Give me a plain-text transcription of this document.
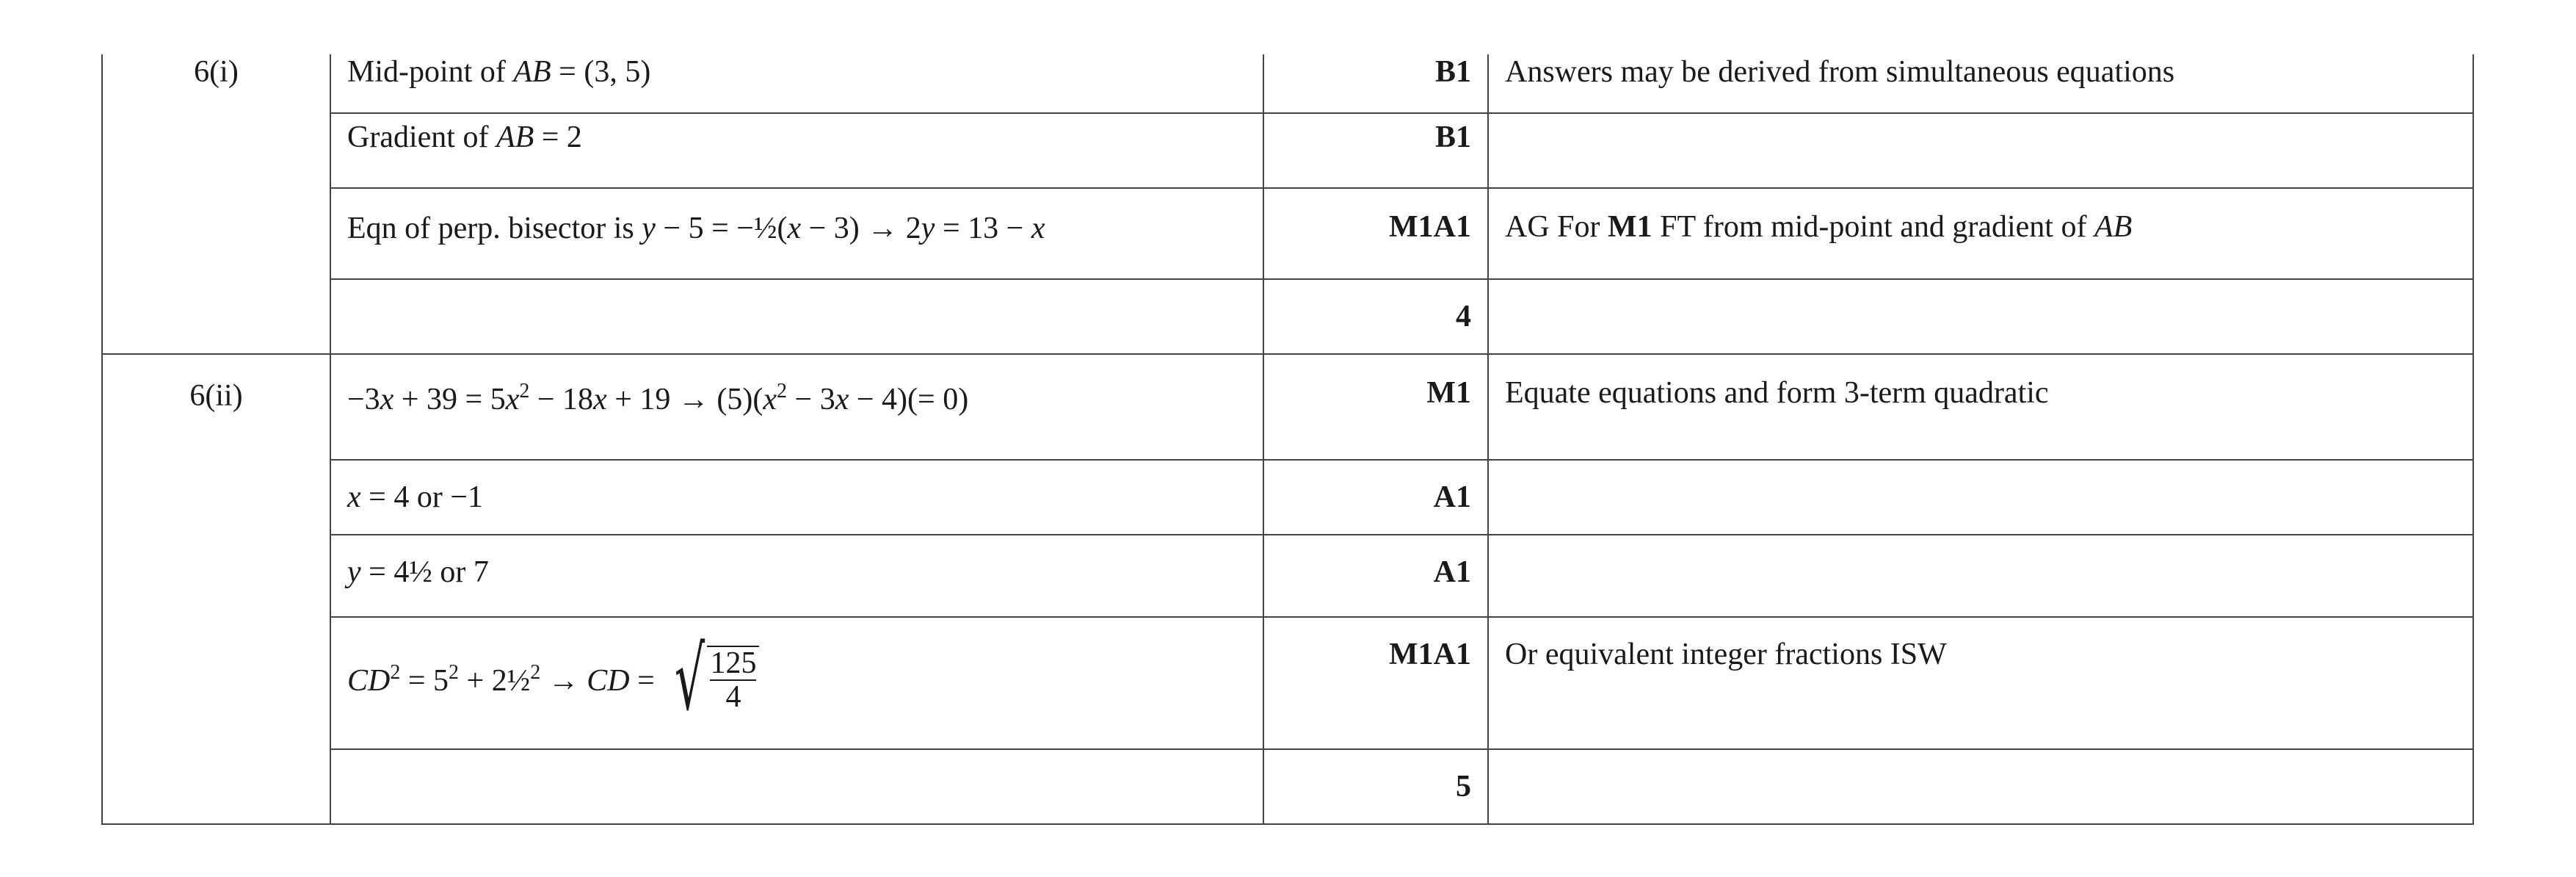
6(i)	Mid-point of AB = (3, 5)	B1	Answers may be derived from simultaneous equations
	Gradient of AB = 2	B1	
	Eqn of perp. bisector is y − 5 = −½(x − 3) → 2y = 13 − x	M1A1	AG For M1 FT from mid-point and gradient of AB
		4	
6(ii)	$-3x + 39 = 5x^2 - 18x + 19 \to (5)(x^2 - 3x - 4)(= 0)$	M1	Equate equations and form 3-term quadratic
	x = 4 or −1	A1	
	y = 4½ or 7	A1	
	$CD^2 = 5^2$ + 2½$^2$ → CD = √ $\frac{125}{4}$	M1A1	Or equivalent integer fractions ISW
		5	
